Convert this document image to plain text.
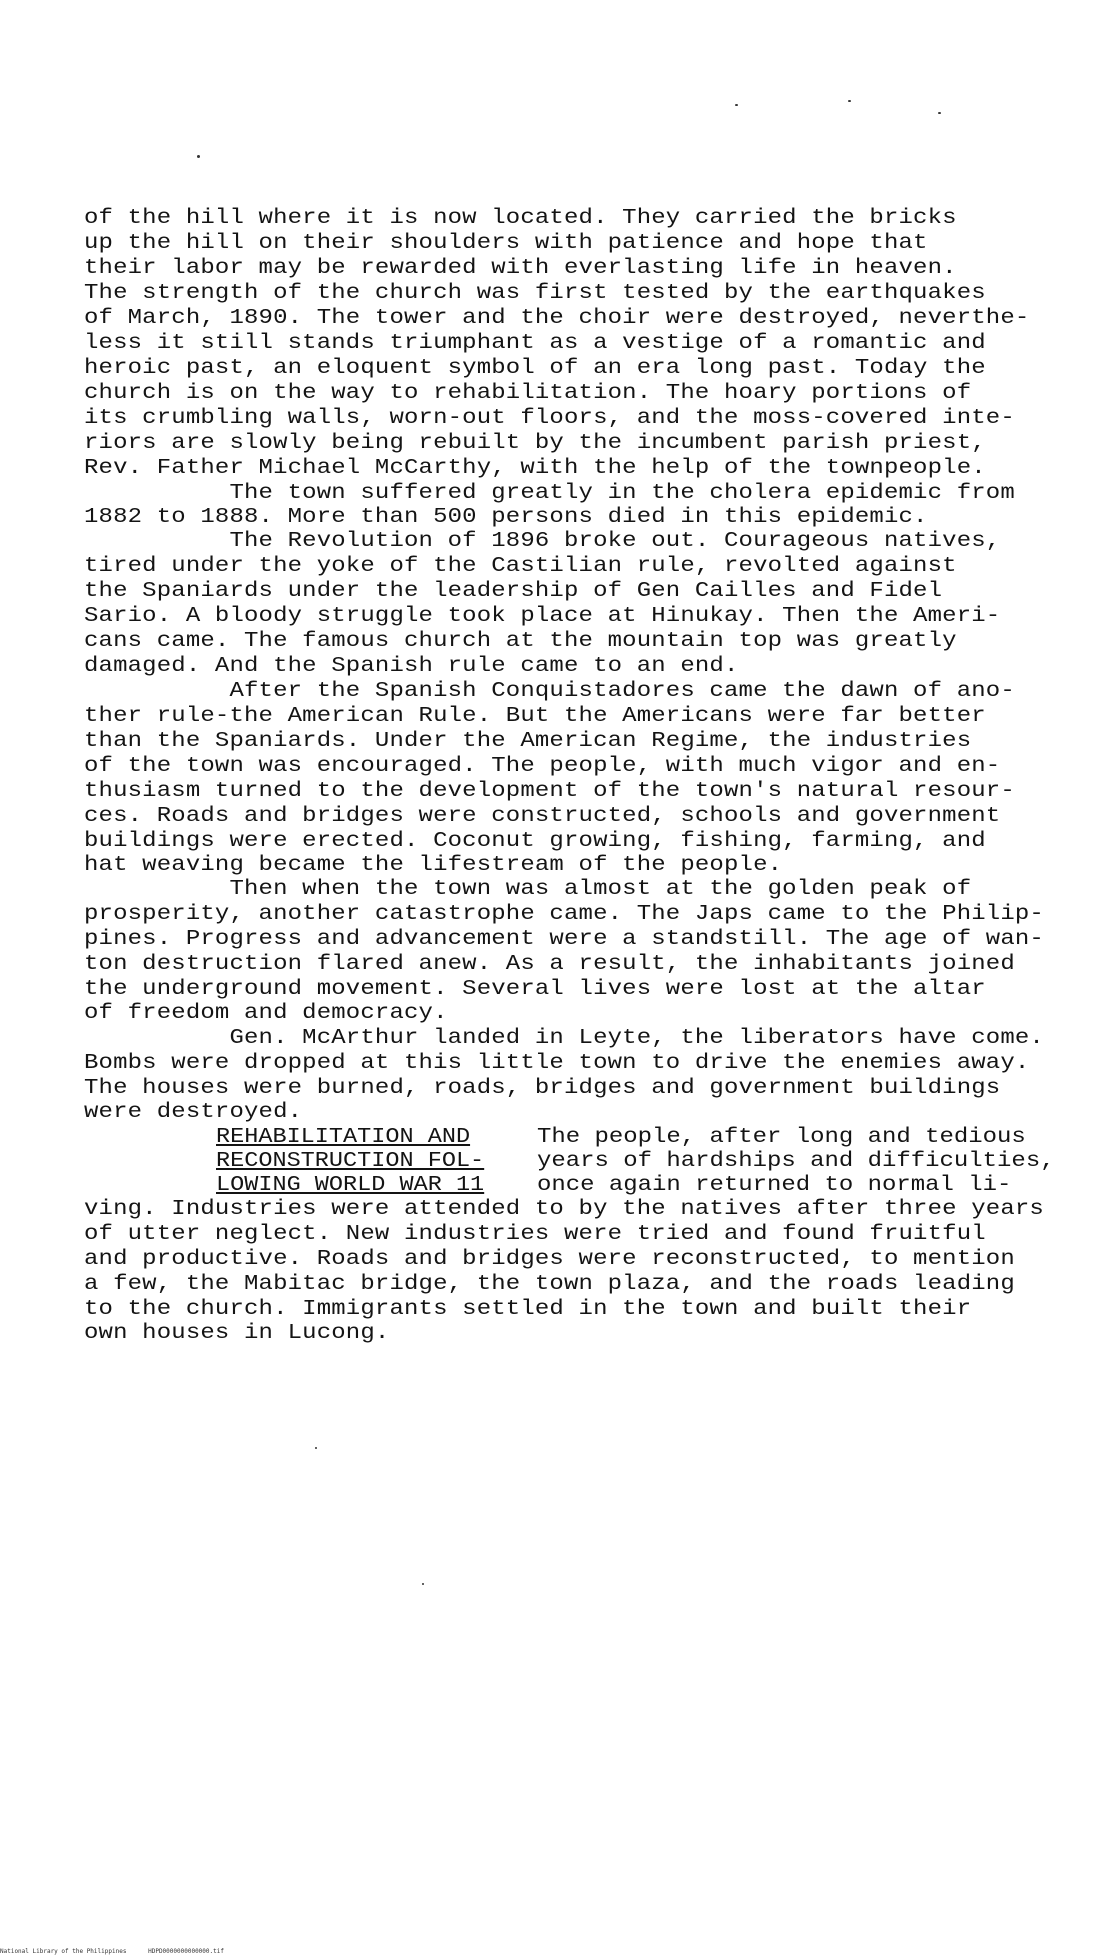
of the hill where it is now located. They carried the bricks
up the hill on their shoulders with patience and hope that
their labor may be rewarded with everlasting life in heaven.
The strength of the church was first tested by the earthquakes
of March, 1890. The tower and the choir were destroyed, neverthe-
less it still stands triumphant as a vestige of a romantic and
heroic past, an eloquent symbol of an era long past. Today the
church is on the way to rehabilitation. The hoary portions of
its crumbling walls, worn-out floors, and the moss-covered inte-
riors are slowly being rebuilt by the incumbent parish priest,
Rev. Father Michael McCarthy, with the help of the townpeople.
The town suffered greatly in the cholera epidemic from
1882 to 1888. More than 500 persons died in this epidemic.
The Revolution of 1896 broke out. Courageous natives,
tired under the yoke of the Castilian rule, revolted against
the Spaniards under the leadership of Gen Cailles and Fidel
Sario. A bloody struggle took place at Hinukay. Then the Ameri-
cans came. The famous church at the mountain top was greatly
damaged. And the Spanish rule came to an end.
After the Spanish Conquistadores came the dawn of ano-
ther rule-the American Rule. But the Americans were far better
than the Spaniards. Under the American Regime, the industries
of the town was encouraged. The people, with much vigor and en-
thusiasm turned to the development of the town's natural resour-
ces. Roads and bridges were constructed, schools and government
buildings were erected. Coconut growing, fishing, farming, and
hat weaving became the lifestream of the people.
Then when the town was almost at the golden peak of
prosperity, another catastrophe came. The Japs came to the Philip-
pines. Progress and advancement were a standstill. The age of wan-
ton destruction flared anew. As a result, the inhabitants joined
the underground movement. Several lives were lost at the altar
of freedom and democracy.
Gen. McArthur landed in Leyte, the liberators have come.
Bombs were dropped at this little town to drive the enemies away.
The houses were burned, roads, bridges and government buildings
were destroyed.
REHABILITATION AND
RECONSTRUCTION FOL-
LOWING WORLD WAR 11
The people, after long and tedious
years of hardships and difficulties,
once again returned to normal li-
ving. Industries were attended to by the natives after three years
of utter neglect. New industries were tried and found fruitful
and productive. Roads and bridges were reconstructed, to mention
a few, the Mabitac bridge, the town plaza, and the roads leading
to the church. Immigrants settled in the town and built their
own houses in Lucong.
National Library of the Philippines      HDPD0000000000000.tif
